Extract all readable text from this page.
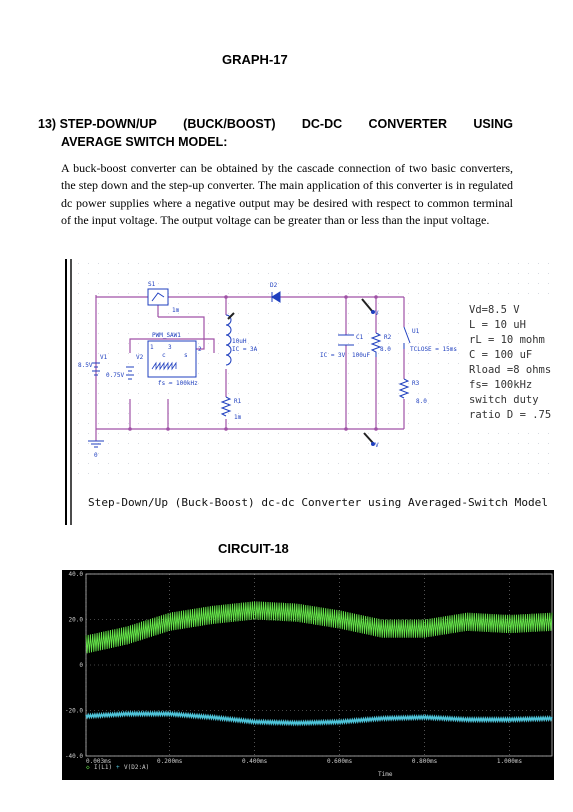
GRAPH-17
13) STEP-DOWN/UP (BUCK/BOOST) DC-DC CONVERTER USING
AVERAGE SWITCH MODEL:
A buck-boost converter can be obtained by the cascade connection of two basic converters, the step down and the step-up converter. The main application of this converter is in regulated dc power supplies where a negative output may be desired with respect to common terminal of the input voltage. The output voltage can be greater than or less than the input voltage.
S1
1m
D2
PWM_SAW1
c	s
1	2
3
fs = 100kHz
10uH
IC = 3A
R1
1m
C1
100uF
IC = 3V
R2
8.0
U1
TCLOSE = 15ms
R3
8.0
V1
8.5V
V2
0.75V
0
V
V
Vd=8.5 V
L = 10 uH
rL = 10 mohm
C = 100 uF
Rload =8 ohms
fs= 100kHz
switch duty
ratio D = .75
Step-Down/Up (Buck-Boost) dc-dc Converter using Averaged-Switch Model
CIRCUIT-18
40.0
20.0
0
-20.0
-40.0
0.003ms	0.200ms	0.400ms	0.600ms	0.800ms	1.000ms
Time
◇ I(L1) + V(D2:A)
